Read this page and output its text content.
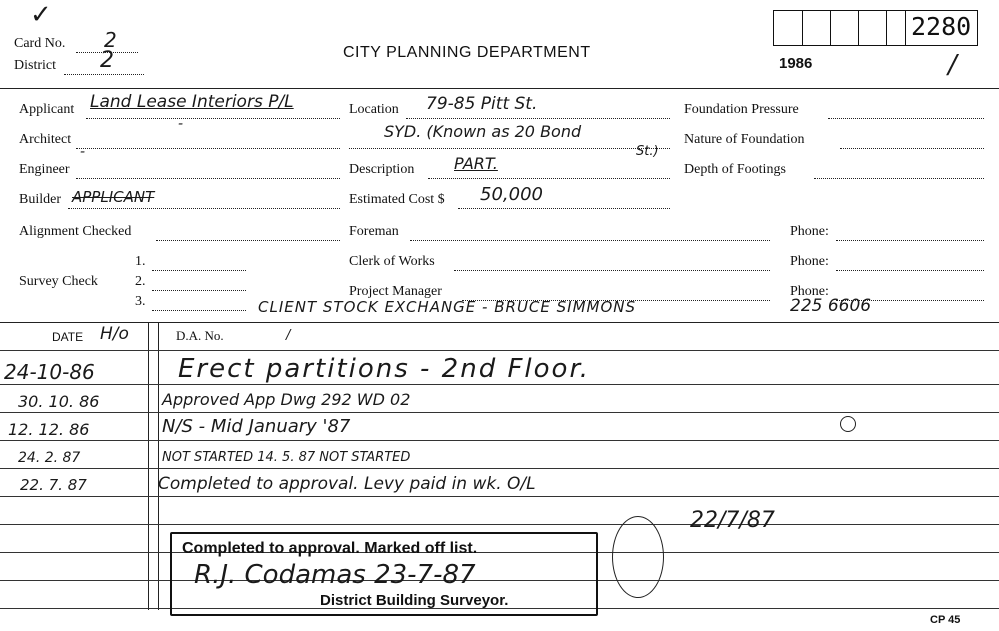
✓
Card No. 2
District 2	CITY PLANNING DEPARTMENT
1986
2280
/
Applicant Land Lease Interiors P/L
Architect
-
Engineer
-
Builder APPLICANT
Alignment Checked
Survey Check
1.
2.
3.
Location 79-85 Pitt St.
SYD. (Known as 20 Bond
St.)
Description PART.
Estimated Cost $ 50,000
Foreman	Phone:
Clerk of Works	Phone:
Project Manager	Phone:
CLIENT STOCK EXCHANGE - BRUCE SIMMONS	225 6606
Foundation Pressure
Nature of Foundation
Depth of Footings
DATE H/o	D.A. No.	/
24-10-86	Erect partitions - 2nd Floor.
30. 10. 86	Approved App Dwg 292 WD 02
12. 12. 86	N/S - Mid January '87
24. 2. 87	NOT STARTED 14. 5. 87 NOT STARTED
22. 7. 87	Completed to approval. Levy paid in wk. O/L
22/7/87
Completed to approval. Marked off list.
R.J. Codamas 23-7-87
District Building Surveyor.
CP 45
